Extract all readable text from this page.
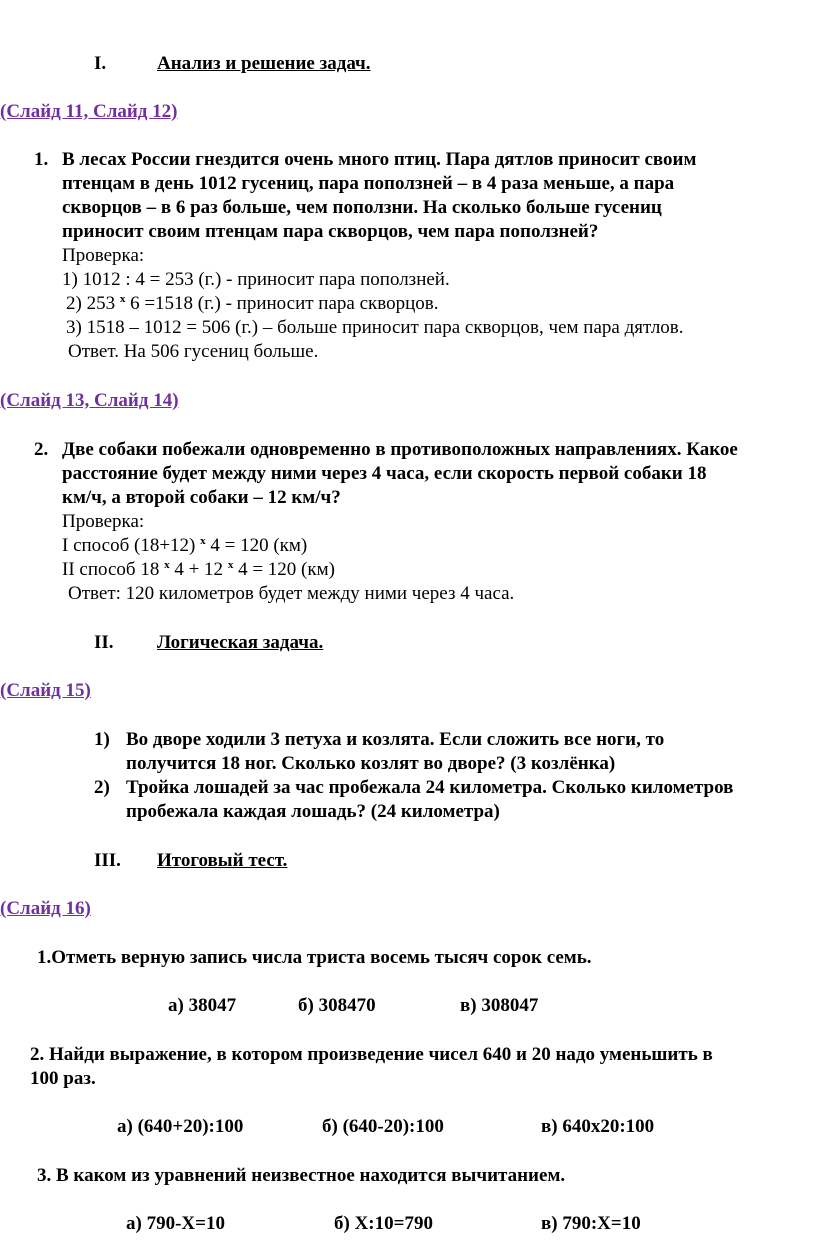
I.	Анализ и решение задач.
(Слайд 11, Слайд 12)
1. В лесах России гнездится очень много птиц. Пара дятлов приносит своим
птенцам в день 1012 гусениц, пара поползней – в 4 раза меньше, а пара
скворцов – в 6 раз больше, чем поползни. На сколько больше гусениц
приносит своим птенцам пара скворцов, чем пара поползней?
Проверка:
1) 1012 : 4 = 253 (г.) - приносит пара поползней.
2) 253 $^x$ 6 =1518 (г.) - приносит пара скворцов.
3) 1518 – 1012 = 506 (г.) – больше приносит пара скворцов, чем пара дятлов.
Ответ. На 506 гусениц больше.
(Слайд 13, Слайд 14)
2. Две собаки побежали одновременно в противоположных направлениях. Какое
расстояние будет между ними через 4 часа, если скорость первой собаки 18
км/ч, а второй собаки – 12 км/ч?
Проверка:
I способ (18+12) $^x$ 4 = 120 (км)
II способ 18 $^x$ 4 + 12 $^x$ 4 = 120 (км)
Ответ: 120 километров будет между ними через 4 часа.
II. Логическая задача.
(Слайд 15)
1) Во дворе ходили 3 петуха и козлята. Если сложить все ноги, то
получится 18 ног. Сколько козлят во дворе? (3 козлёнка)
2) Тройка лошадей за час пробежала 24 километра. Сколько километров
пробежала каждая лошадь? (24 километра)
III. Итоговый тест.
(Слайд 16)
1.Отметь верную запись числа триста восемь тысяч сорок семь.
а) 38047	б) 308470	в) 308047
2. Найди выражение, в котором произведение чисел 640 и 20 надо уменьшить в
100 раз.
а) (640+20):100	б) (640-20):100	в) 640х20:100
3. В каком из уравнений неизвестное находится вычитанием.
а) 790-Х=10	б) Х:10=790	в) 790:Х=10
